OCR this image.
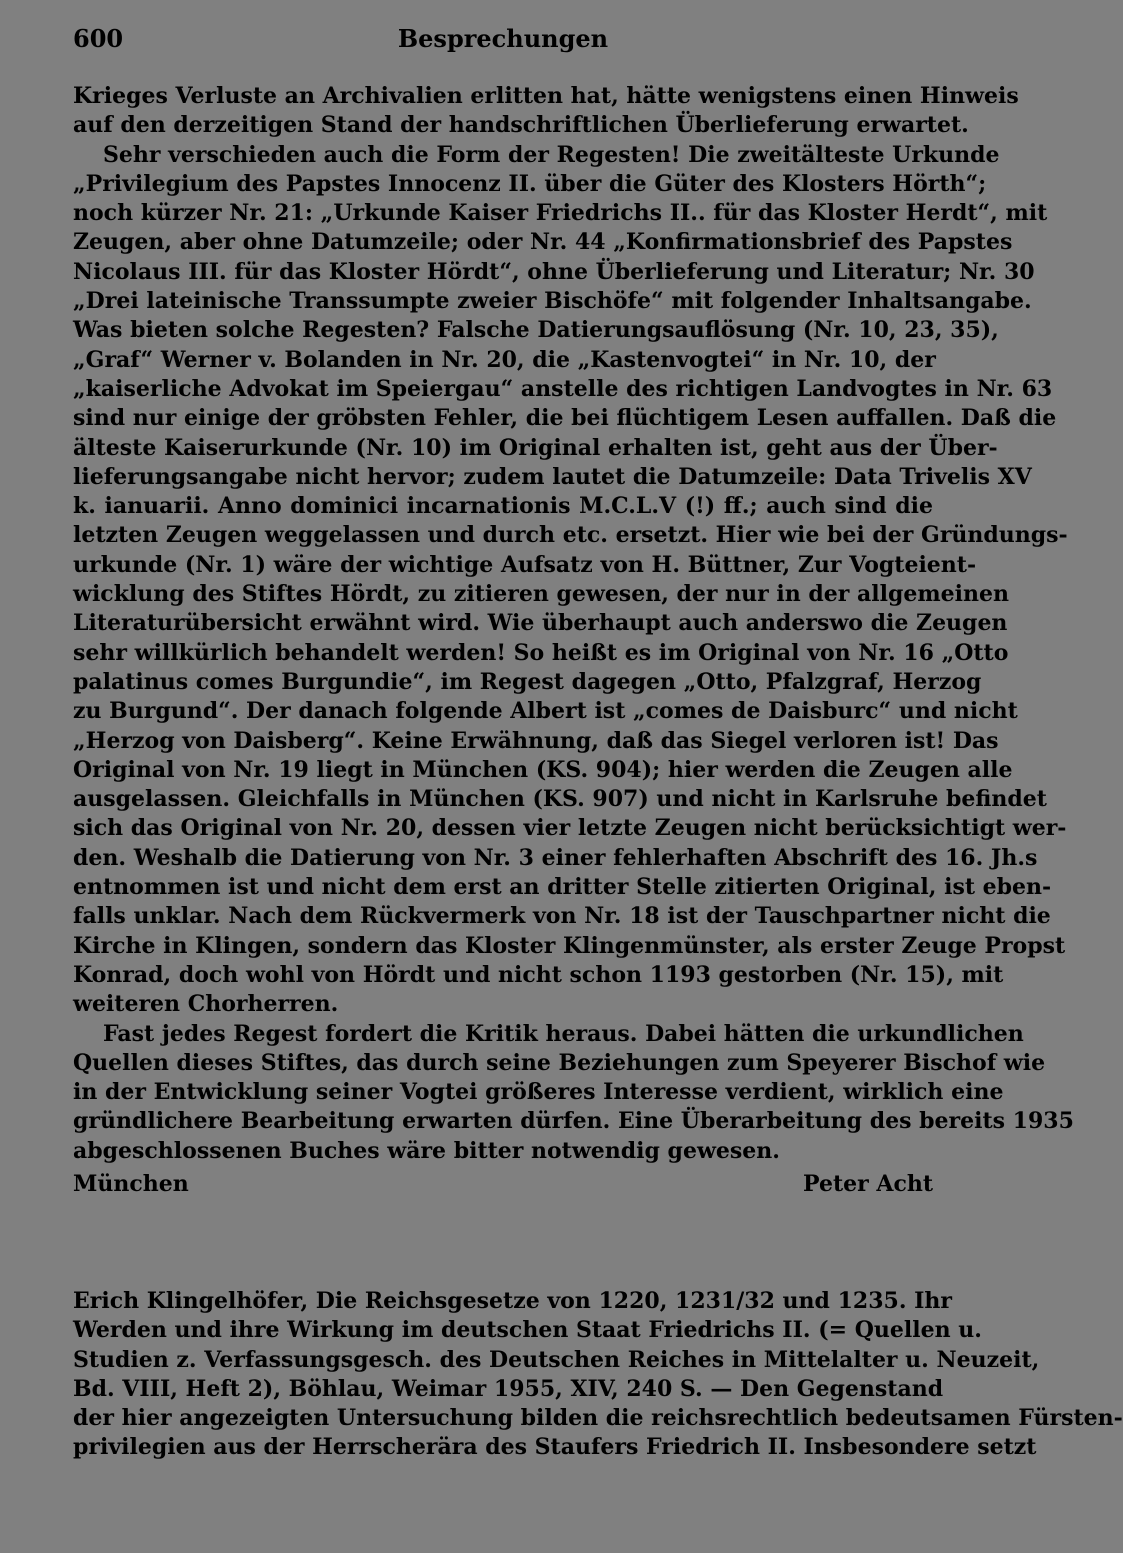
600	Besprechungen
Krieges Verluste an Archivalien erlitten hat, hätte wenigstens einen Hinweis
auf den derzeitigen Stand der handschriftlichen Überlieferung erwartet.
Sehr verschieden auch die Form der Regesten! Die zweitälteste Urkunde
„Privilegium des Papstes Innocenz II. über die Güter des Klosters Hörth“;
noch kürzer Nr. 21: „Urkunde Kaiser Friedrichs II.. für das Kloster Herdt“, mit
Zeugen, aber ohne Datumzeile; oder Nr. 44 „Konfirmationsbrief des Papstes
Nicolaus III. für das Kloster Hördt“, ohne Überlieferung und Literatur; Nr. 30
„Drei lateinische Transsumpte zweier Bischöfe“ mit folgender Inhaltsangabe.
Was bieten solche Regesten? Falsche Datierungsauflösung (Nr. 10, 23, 35),
„Graf“ Werner v. Bolanden in Nr. 20, die „Kastenvogtei“ in Nr. 10, der
„kaiserliche Advokat im Speiergau“ anstelle des richtigen Landvogtes in Nr. 63
sind nur einige der gröbsten Fehler, die bei flüchtigem Lesen auffallen. Daß die
älteste Kaiserurkunde (Nr. 10) im Original erhalten ist, geht aus der Über-
lieferungsangabe nicht hervor; zudem lautet die Datumzeile: Data Trivelis XV
k. ianuarii. Anno dominici incarnationis M.C.L.V (!) ff.; auch sind die
letzten Zeugen weggelassen und durch etc. ersetzt. Hier wie bei der Gründungs-
urkunde (Nr. 1) wäre der wichtige Aufsatz von H. Büttner, Zur Vogteient-
wicklung des Stiftes Hördt, zu zitieren gewesen, der nur in der allgemeinen
Literaturübersicht erwähnt wird. Wie überhaupt auch anderswo die Zeugen
sehr willkürlich behandelt werden! So heißt es im Original von Nr. 16 „Otto
palatinus comes Burgundie“, im Regest dagegen „Otto, Pfalzgraf, Herzog
zu Burgund“. Der danach folgende Albert ist „comes de Daisburc“ und nicht
„Herzog von Daisberg“. Keine Erwähnung, daß das Siegel verloren ist! Das
Original von Nr. 19 liegt in München (KS. 904); hier werden die Zeugen alle
ausgelassen. Gleichfalls in München (KS. 907) und nicht in Karlsruhe befindet
sich das Original von Nr. 20, dessen vier letzte Zeugen nicht berücksichtigt wer-
den. Weshalb die Datierung von Nr. 3 einer fehlerhaften Abschrift des 16. Jh.s
entnommen ist und nicht dem erst an dritter Stelle zitierten Original, ist eben-
falls unklar. Nach dem Rückvermerk von Nr. 18 ist der Tauschpartner nicht die
Kirche in Klingen, sondern das Kloster Klingenmünster, als erster Zeuge Propst
Konrad, doch wohl von Hördt und nicht schon 1193 gestorben (Nr. 15), mit
weiteren Chorherren.
Fast jedes Regest fordert die Kritik heraus. Dabei hätten die urkundlichen
Quellen dieses Stiftes, das durch seine Beziehungen zum Speyerer Bischof wie
in der Entwicklung seiner Vogtei größeres Interesse verdient, wirklich eine
gründlichere Bearbeitung erwarten dürfen. Eine Überarbeitung des bereits 1935
abgeschlossenen Buches wäre bitter notwendig gewesen.
München	Peter Acht
Erich Klingelhöfer, Die Reichsgesetze von 1220, 1231/32 und 1235. Ihr
Werden und ihre Wirkung im deutschen Staat Friedrichs II. (= Quellen u.
Studien z. Verfassungsgesch. des Deutschen Reiches in Mittelalter u. Neuzeit,
Bd. VIII, Heft 2), Böhlau, Weimar 1955, XIV, 240 S. — Den Gegenstand
der hier angezeigten Untersuchung bilden die reichsrechtlich bedeutsamen Fürsten-
privilegien aus der Herrscherära des Staufers Friedrich II. Insbesondere setzt
